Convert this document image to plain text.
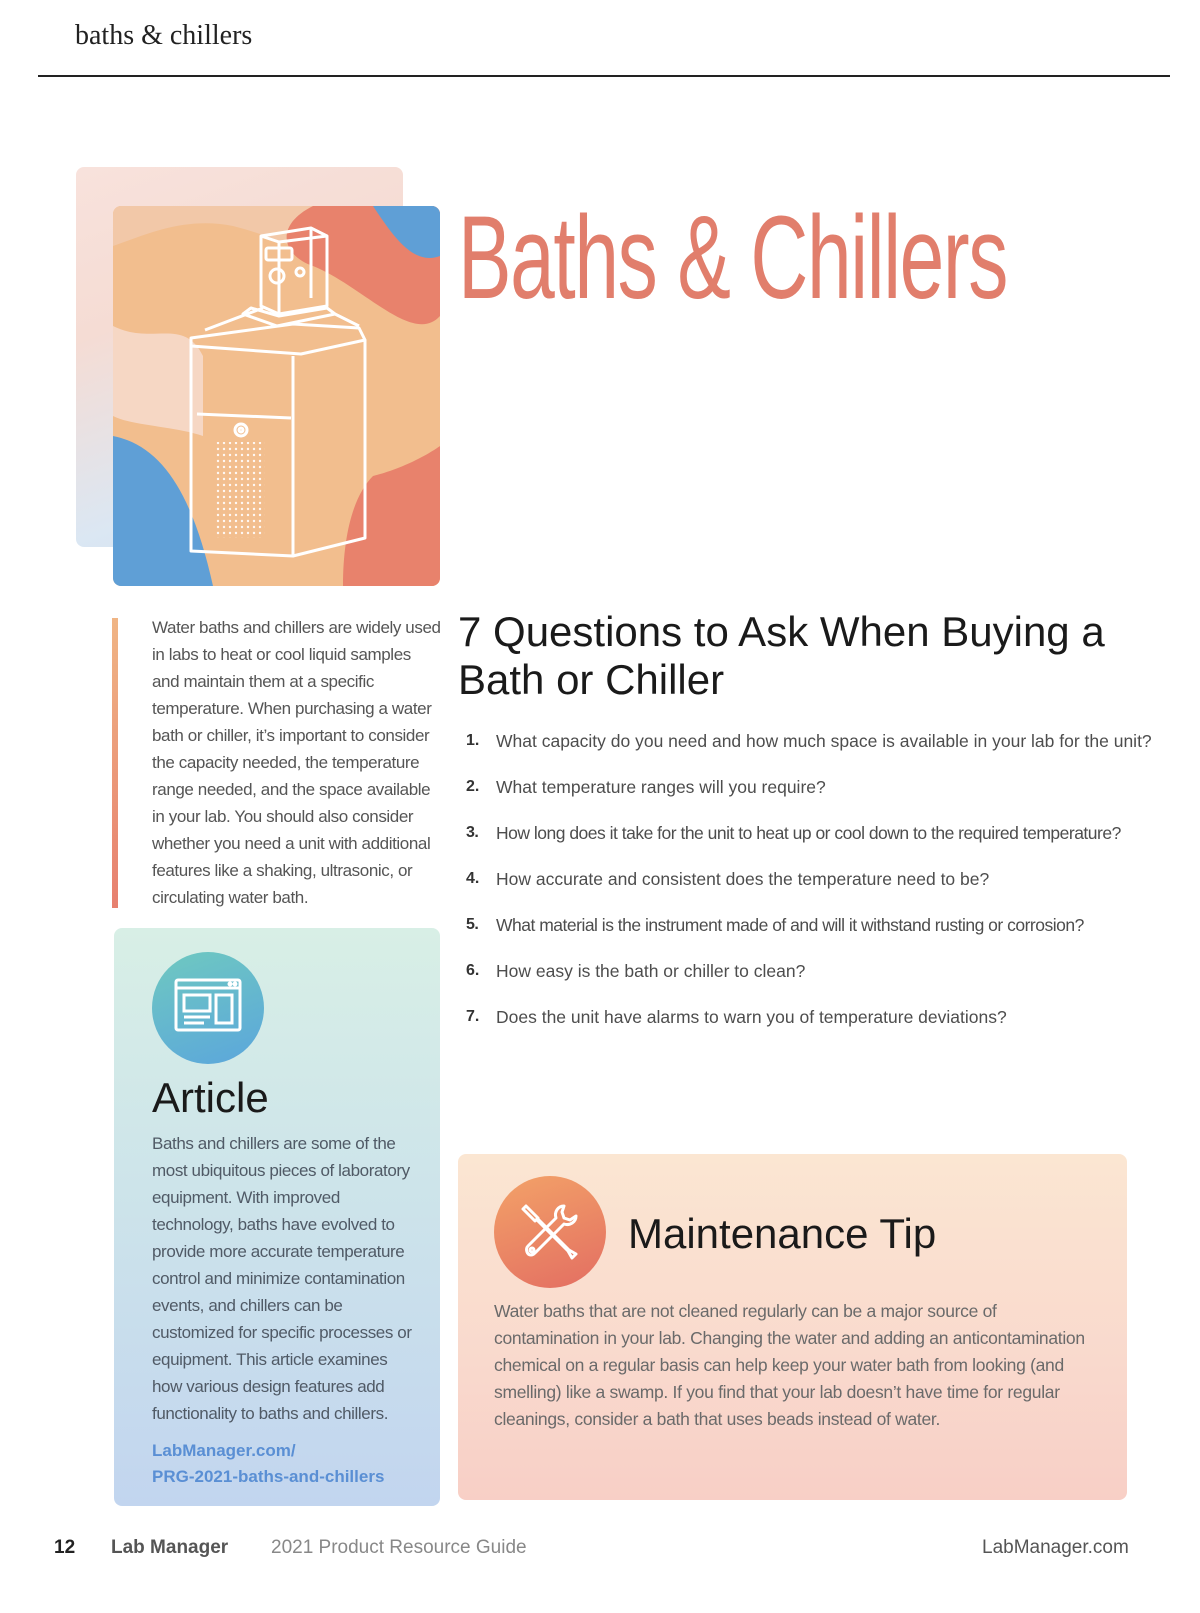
baths & chillers
Baths & Chillers

Water baths and chillers are widely used in labs to heat or cool liquid samples and maintain them at a specific temperature. When purchasing a water bath or chiller, it’s important to consider the capacity needed, the temperature range needed, and the space available in your lab. You should also consider whether you need a unit with additional features like a shaking, ultrasonic, or circulating water bath.

7 Questions to Ask When Buying a Bath or Chiller
1. What capacity do you need and how much space is available in your lab for the unit?
2. What temperature ranges will you require?
3. How long does it take for the unit to heat up or cool down to the required temperature?
4. How accurate and consistent does the temperature need to be?
5. What material is the instrument made of and will it withstand rusting or corrosion?
6. How easy is the bath or chiller to clean?
7. Does the unit have alarms to warn you of temperature deviations?
Article

Baths and chillers are some of the most ubiquitous pieces of laboratory equipment. With improved technology, baths have evolved to provide more accurate temperature control and minimize contamination events, and chillers can be customized for specific processes or equipment. This article examines how various design features add functionality to baths and chillers.

LabManager.com/
PRG-2021-baths-and-chillers
Maintenance Tip

Water baths that are not cleaned regularly can be a major source of contamination in your lab. Changing the water and adding an anticontamination chemical on a regular basis can help keep your water bath from looking (and smelling) like a swamp. If you find that your lab doesn’t have time for regular cleanings, consider a bath that uses beads instead of water.

12 Lab Manager 2021 Product Resource Guide	LabManager.com
